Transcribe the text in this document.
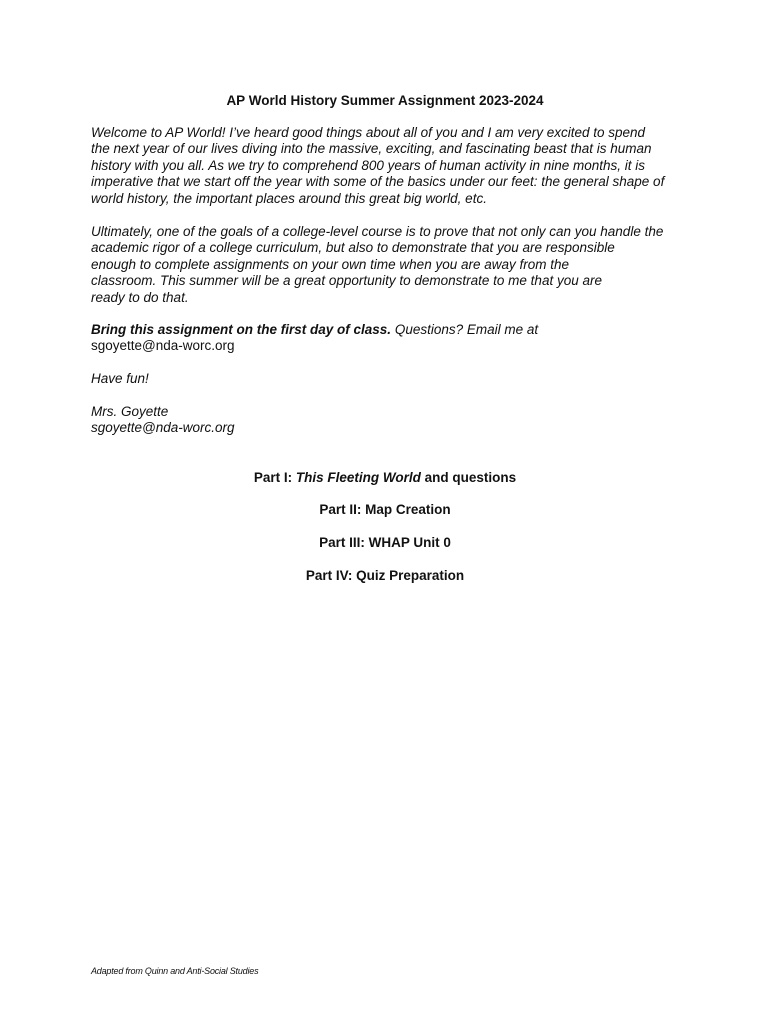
AP World History Summer Assignment 2023-2024
Welcome to AP World! I’ve heard good things about all of you and I am very excited to spend
the next year of our lives diving into the massive, exciting, and fascinating beast that is human
history with you all. As we try to comprehend 800 years of human activity in nine months, it is
imperative that we start off the year with some of the basics under our feet: the general shape of
world history, the important places around this great big world, etc.
Ultimately, one of the goals of a college-level course is to prove that not only can you handle the
academic rigor of a college curriculum, but also to demonstrate that you are responsible
enough to complete assignments on your own time when you are away from the
classroom. This summer will be a great opportunity to demonstrate to me that you are
ready to do that.
Bring this assignment on the first day of class. Questions? Email me at
sgoyette@nda-worc.org
Have fun!
Mrs. Goyette
sgoyette@nda-worc.org
Part I: This Fleeting World and questions
Part II: Map Creation
Part III: WHAP Unit 0
Part IV: Quiz Preparation
Adapted from Quinn and Anti-Social Studies
